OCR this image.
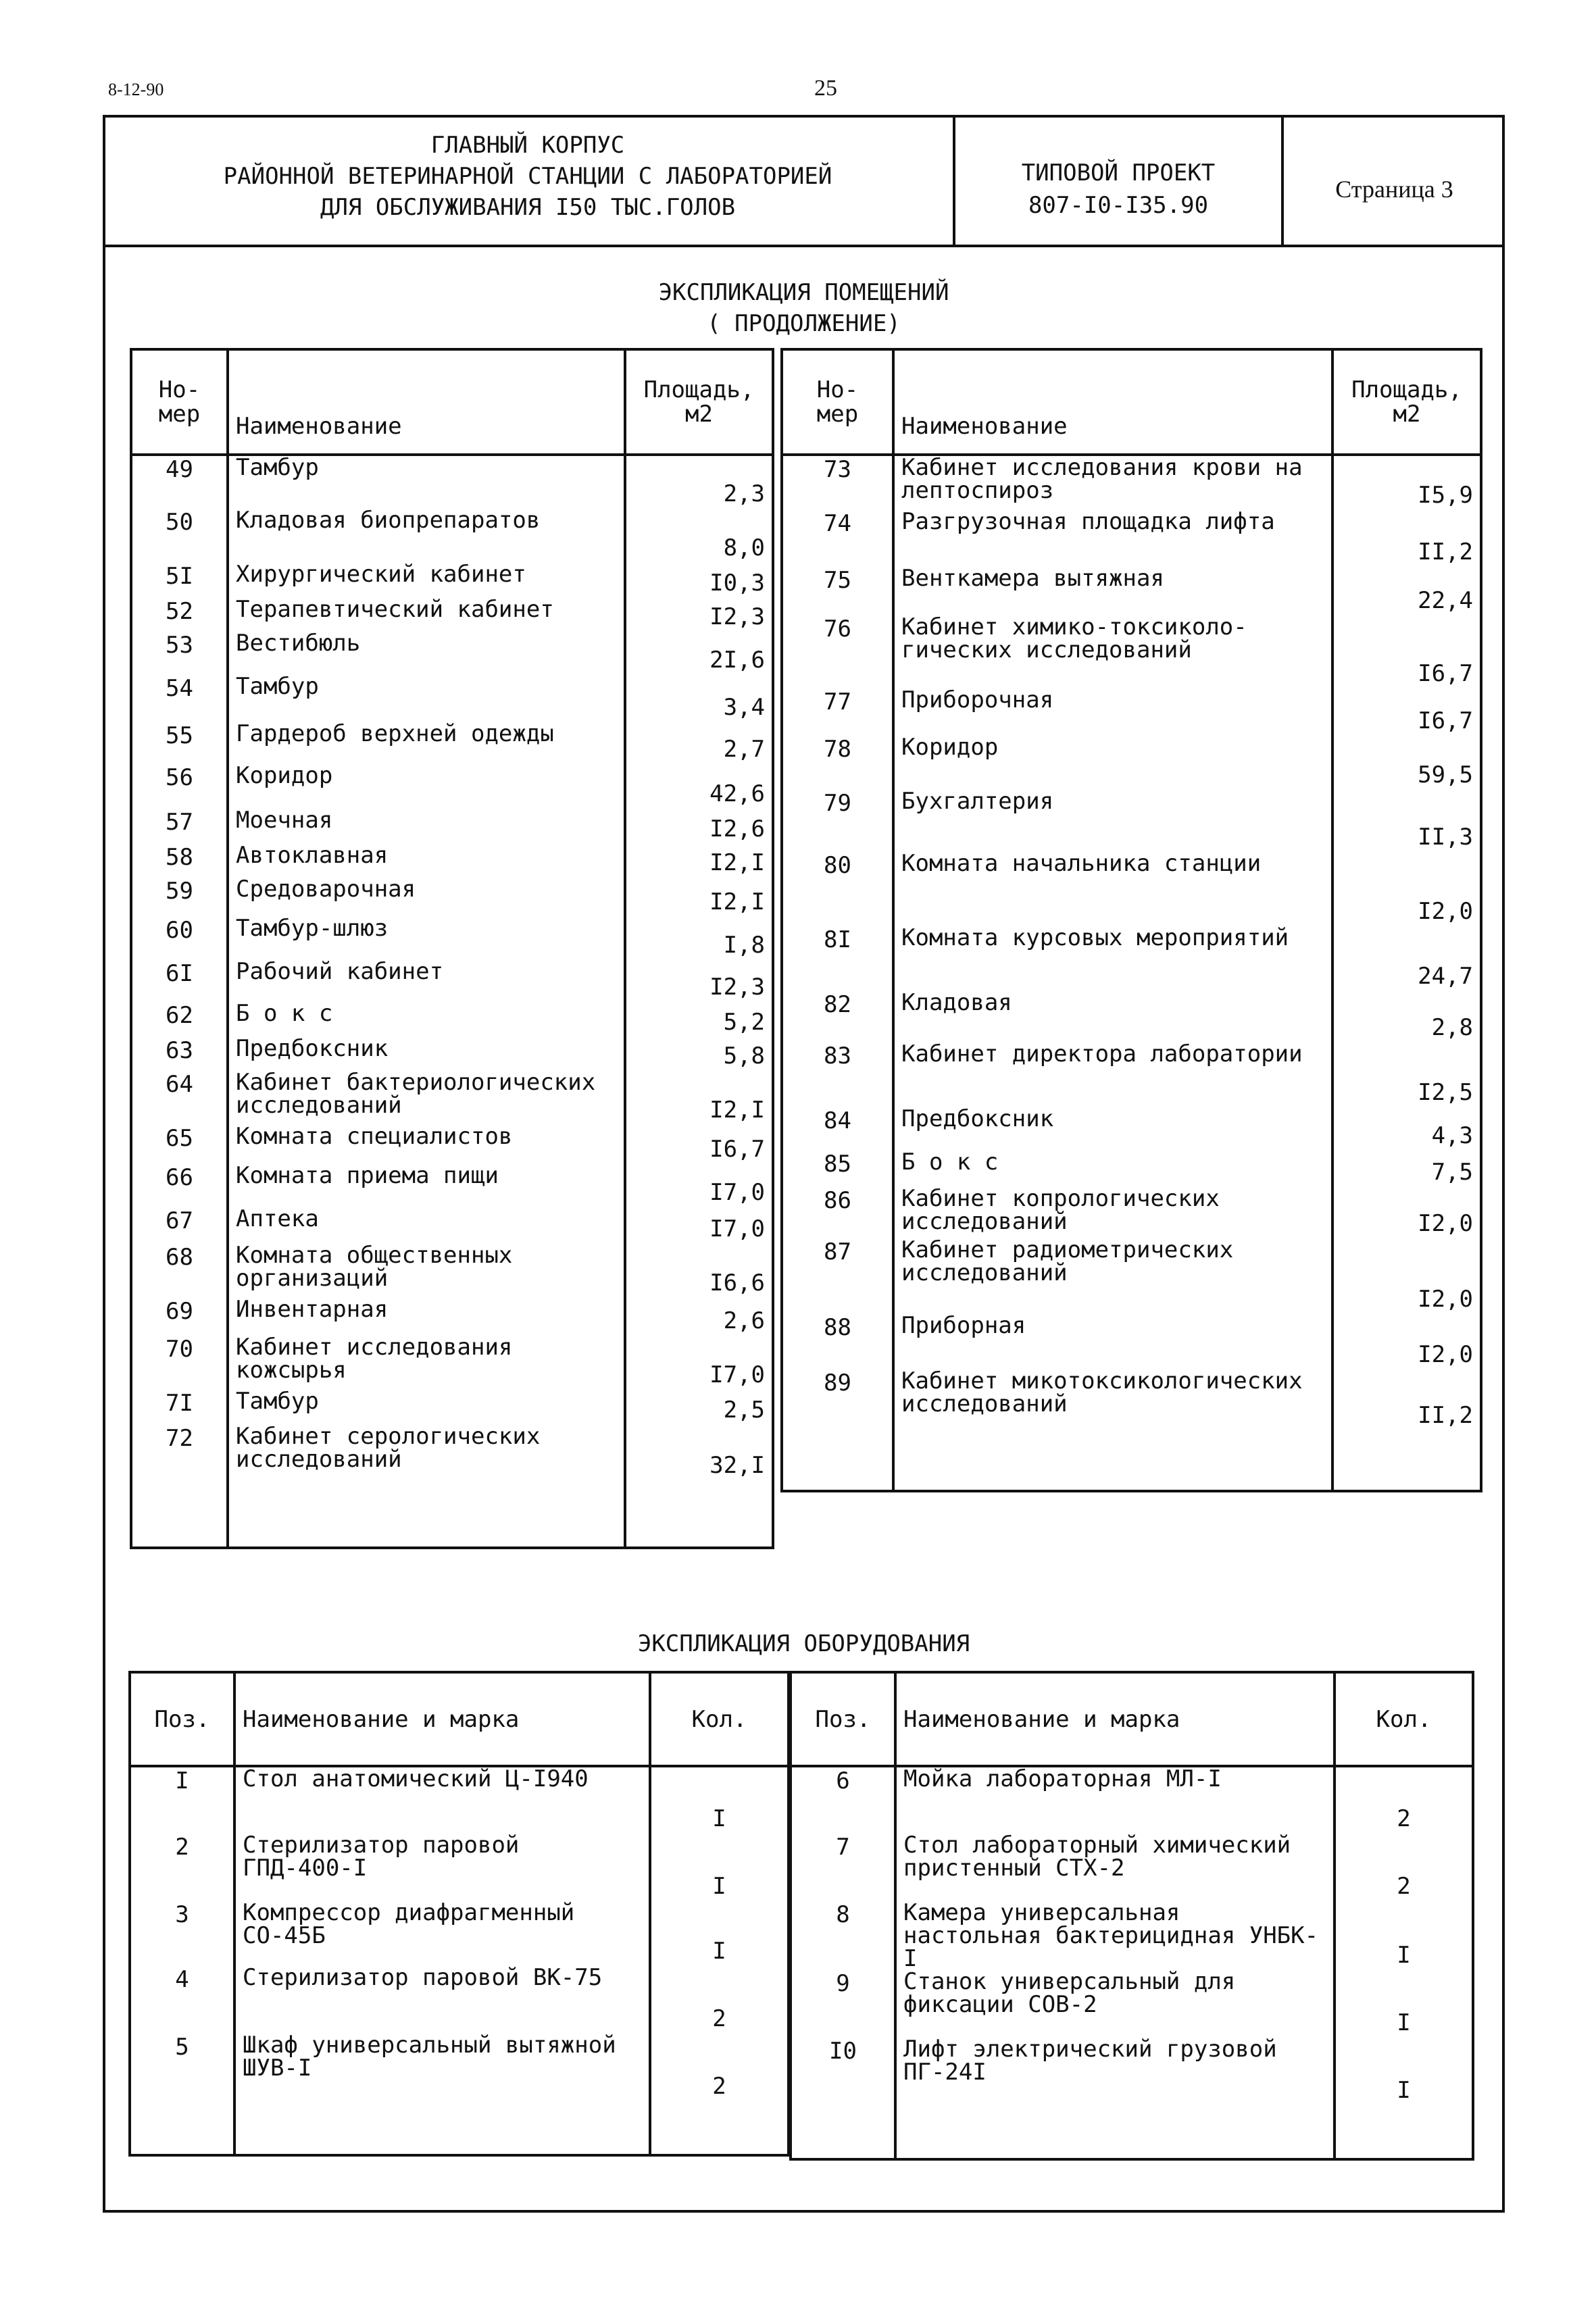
8-12-90	25
ГЛАВНЫЙ КОРПУС
РАЙОННОЙ ВЕТЕРИНАРНОЙ СТАНЦИИ С ЛАБОРАТОРИЕЙ
ДЛЯ ОБСЛУЖИВАНИЯ I50 ТЫС.ГОЛОВ
ТИПОВОЙ ПРОЕКТ
807-I0-I35.90
Страница 3
ЭКСПЛИКАЦИЯ ПОМЕЩЕНИЙ
( ПРОДОЛЖЕНИЕ)
Но-
мер	Наименование	Площадь,
м2
49	Тамбур	2,3
50	Кладовая биопрепаратов	8,0
5I	Хирургический кабинет	I0,3
52	Терапевтический кабинет	I2,3
53	Вестибюль	2I,6
54	Тамбур	3,4
55	Гардероб верхней одежды	2,7
56	Коридор	42,6
57	Моечная	I2,6
58	Автоклавная	I2,I
59	Средоварочная	I2,I
60	Тамбур-шлюз	I,8
6I	Рабочий кабинет	I2,3
62	Б о к с	5,2
63	Предбоксник	5,8
64	Кабинет бактериологических исследований	I2,I
65	Комната специалистов	I6,7
66	Комната приема пищи	I7,0
67	Аптека	I7,0
68	Комната общественных организаций	I6,6
69	Инвентарная	2,6
70	Кабинет исследования кожсырья	I7,0
7I	Тамбур	2,5
72	Кабинет серологических исследований	32,I

Но-
мер	Наименование	Площадь,
м2
73	Кабинет исследования крови на лептоспироз	I5,9
74	Разгрузочная площадка лифта	II,2
75	Венткамера вытяжная	22,4
76	Кабинет химико-токсиколо-гических исследований	I6,7
77	Приборочная	I6,7
78	Коридор	59,5
79	Бухгалтерия	II,3
80	Комната начальника станции	I2,0
8I	Комната курсовых мероприятий	24,7
82	Кладовая	2,8
83	Кабинет директора лаборатории	I2,5
84	Предбоксник	4,3
85	Б о к с	7,5
86	Кабинет копрологических исследований	I2,0
87	Кабинет радиометрических исследований	I2,0
88	Приборная	I2,0
89	Кабинет микотоксикологических исследований	II,2

ЭКСПЛИКАЦИЯ ОБОРУДОВАНИЯ
Поз.	Наименование и марка	Кол.
I	Стол анатомический Ц-I940	I
2	Стерилизатор паровой ГПД-400-I	I
3	Компрессор диафрагменный СО-45Б	I
4	Стерилизатор паровой ВК-75	2
5	Шкаф универсальный вытяжной ШУВ-I	2

Поз.	Наименование и марка	Кол.
6	Мойка лабораторная МЛ-I	2
7	Стол лабораторный химический пристенный СТХ-2	2
8	Камера универсальная настольная бактерицидная УНБК-I	I
9	Станок универсальный для фиксации СОВ-2	I
I0	Лифт электрический грузовой ПГ-24I	I
